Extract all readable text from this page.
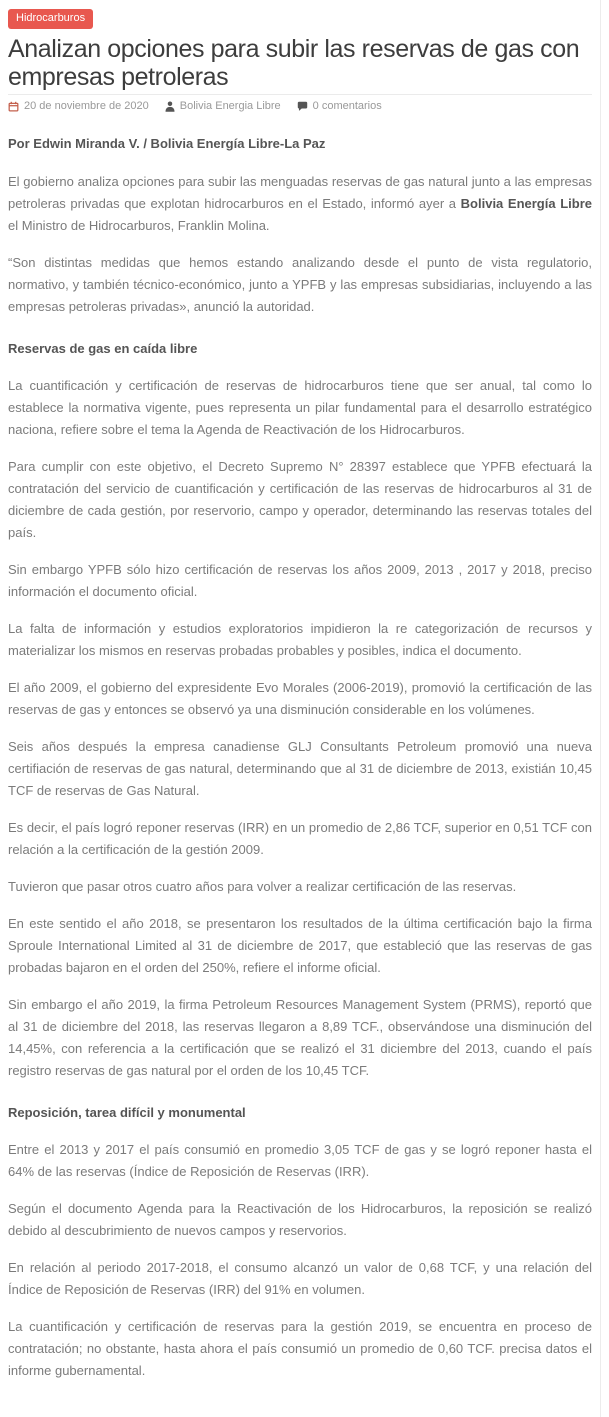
Hidrocarburos
Analizan opciones para subir las reservas de gas con empresas petroleras
20 de noviembre de 2020	Bolivia Energia Libre	0 comentarios
Por Edwin Miranda V. / Bolivia Energía Libre-La Paz

El gobierno analiza opciones para subir las menguadas reservas de gas natural junto a las empresas petroleras privadas que explotan hidrocarburos en el Estado, informó ayer a Bolivia Energía Libre el Ministro de Hidrocarburos, Franklin Molina.

“Son distintas medidas que hemos estando analizando desde el punto de vista regulatorio, normativo, y también técnico-económico, junto a YPFB y las empresas subsidiarias, incluyendo a las empresas petroleras privadas», anunció la autoridad.

Reservas de gas en caída libre

La cuantificación y certificación de reservas de hidrocarburos tiene que ser anual, tal como lo establece la normativa vigente, pues representa un pilar fundamental para el desarrollo estratégico naciona, refiere sobre el tema la Agenda de Reactivación de los Hidrocarburos.

Para cumplir con este objetivo, el Decreto Supremo N° 28397 establece que YPFB efectuará la contratación del servicio de cuantificación y certificación de las reservas de hidrocarburos al 31 de diciembre de cada gestión, por reservorio, campo y operador, determinando las reservas totales del país.

Sin embargo YPFB sólo hizo certificación de reservas los años 2009, 2013 , 2017 y 2018, preciso información el documento oficial.

La falta de información y estudios exploratorios impidieron la re categorización de recursos y materializar los mismos en reservas probadas probables y posibles, indica el documento.

El año 2009, el gobierno del expresidente Evo Morales (2006-2019), promovió la certificación de las reservas de gas y entonces se observó ya una disminución considerable en los volúmenes.

Seis años después la empresa canadiense GLJ Consultants Petroleum promovió una nueva certifiación de reservas de gas natural, determinando que al 31 de diciembre de 2013, existián 10,45 TCF de reservas de Gas Natural.

Es decir, el país logró reponer reservas (IRR) en un promedio de 2,86 TCF, superior en 0,51 TCF con relación a la certificación de la gestión 2009.

Tuvieron que pasar otros cuatro años para volver a realizar certificación de las reservas.

En este sentido el año 2018, se presentaron los resultados de la última certificación bajo la firma Sproule International Limited al 31 de diciembre de 2017, que estableció que las reservas de gas probadas bajaron en el orden del 250%, refiere el informe oficial.

Sin embargo el año 2019, la firma Petroleum Resources Management System (PRMS), reportó que al 31 de diciembre del 2018, las reservas llegaron a 8,89 TCF., observándose una disminución del 14,45%, con referencia a la certificación que se realizó el 31 diciembre del 2013, cuando el país registro reservas de gas natural por el orden de los 10,45 TCF.

Reposición, tarea difícil y monumental

Entre el 2013 y 2017 el país consumió en promedio 3,05 TCF de gas y se logró reponer hasta el 64% de las reservas (Índice de Reposición de Reservas (IRR).

Según el documento Agenda para la Reactivación de los Hidrocarburos, la reposición se realizó debido al descubrimiento de nuevos campos y reservorios.

En relación al periodo 2017-2018, el consumo alcanzó un valor de 0,68 TCF, y una relación del Índice de Reposición de Reservas (IRR) del 91% en volumen.

La cuantificación y certificación de reservas para la gestión 2019, se encuentra en proceso de contratación; no obstante, hasta ahora el país consumió un promedio de 0,60 TCF. precisa datos el informe gubernamental.
